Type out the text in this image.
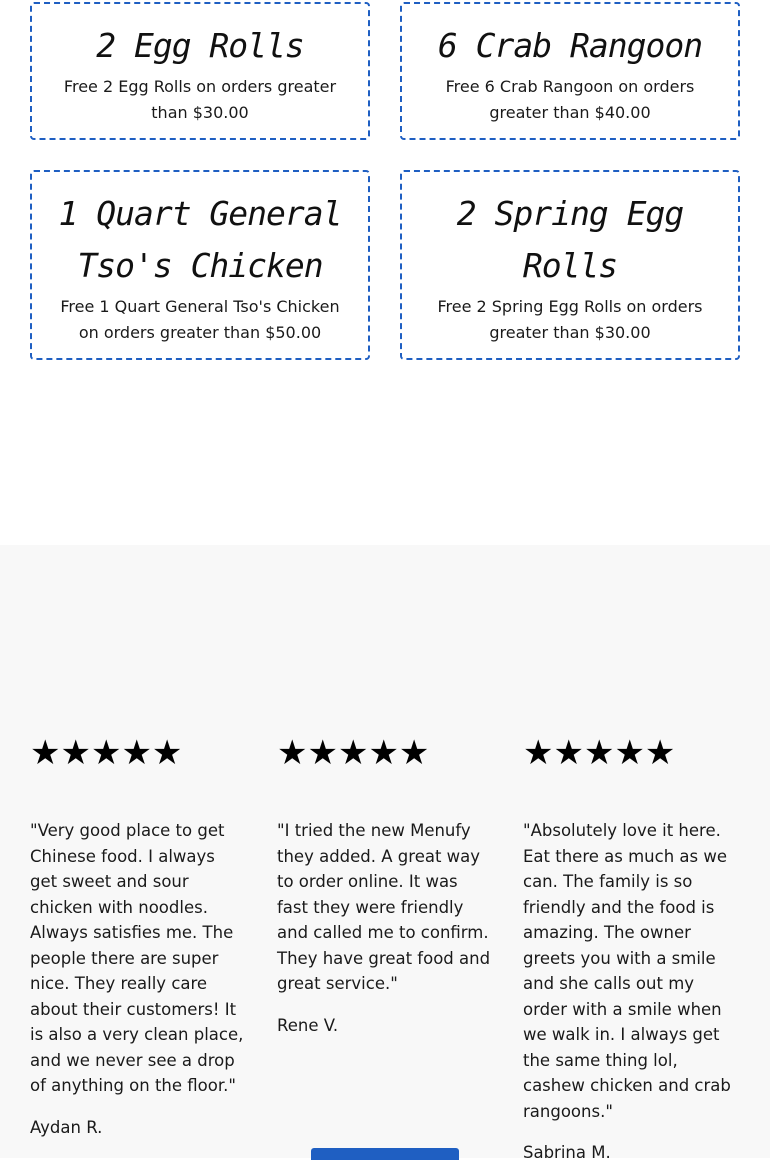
2 Egg Rolls
Free 2 Egg Rolls on orders greater than $30.00
6 Crab Rangoon
Free 6 Crab Rangoon on orders greater than $40.00
1 Quart General Tso's Chicken
Free 1 Quart General Tso's Chicken on orders greater than $50.00
2 Spring Egg Rolls
Free 2 Spring Egg Rolls on orders greater than $30.00
★★★★★

"Very good place to get Chinese food. I always get sweet and sour chicken with noodles. Always satisfies me. The people there are super nice. They really care about their customers! It is also a very clean place, and we never see a drop of anything on the floor."

Aydan R.

★★★★★

"I tried the new Menufy they added. A great way to order online. It was fast they were friendly and called me to confirm. They have great food and great service."

Rene V.

★★★★★

"Absolutely love it here. Eat there as much as we can. The family is so friendly and the food is amazing. The owner greets you with a smile and she calls out my order with a smile when we walk in. I always get the same thing lol, cashew chicken and crab rangoons."

Sabrina M.
